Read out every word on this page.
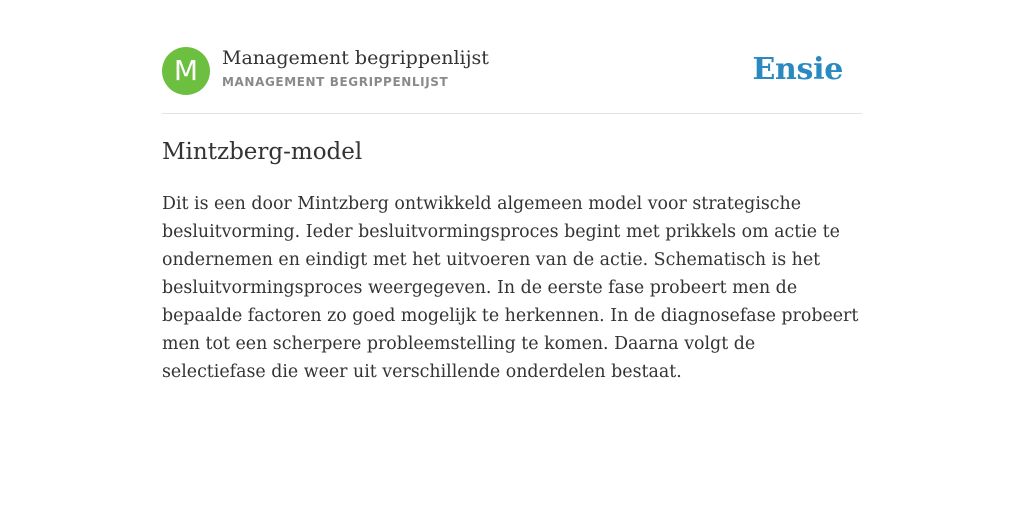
M	Management begrippenlijst
MANAGEMENT BEGRIPPENLIJST	Ensie
Mintzberg-model

Dit is een door Mintzberg ontwikkeld algemeen model voor strategische besluitvorming. Ieder besluitvormingsproces begint met prikkels om actie te ondernemen en eindigt met het uitvoeren van de actie. Schematisch is het besluitvormingsproces weergegeven. In de eerste fase probeert men de bepaalde factoren zo goed mogelijk te herkennen. In de diagnosefase probeert men tot een scherpere probleemstelling te komen. Daarna volgt de selectiefase die weer uit verschillende onderdelen bestaat.
